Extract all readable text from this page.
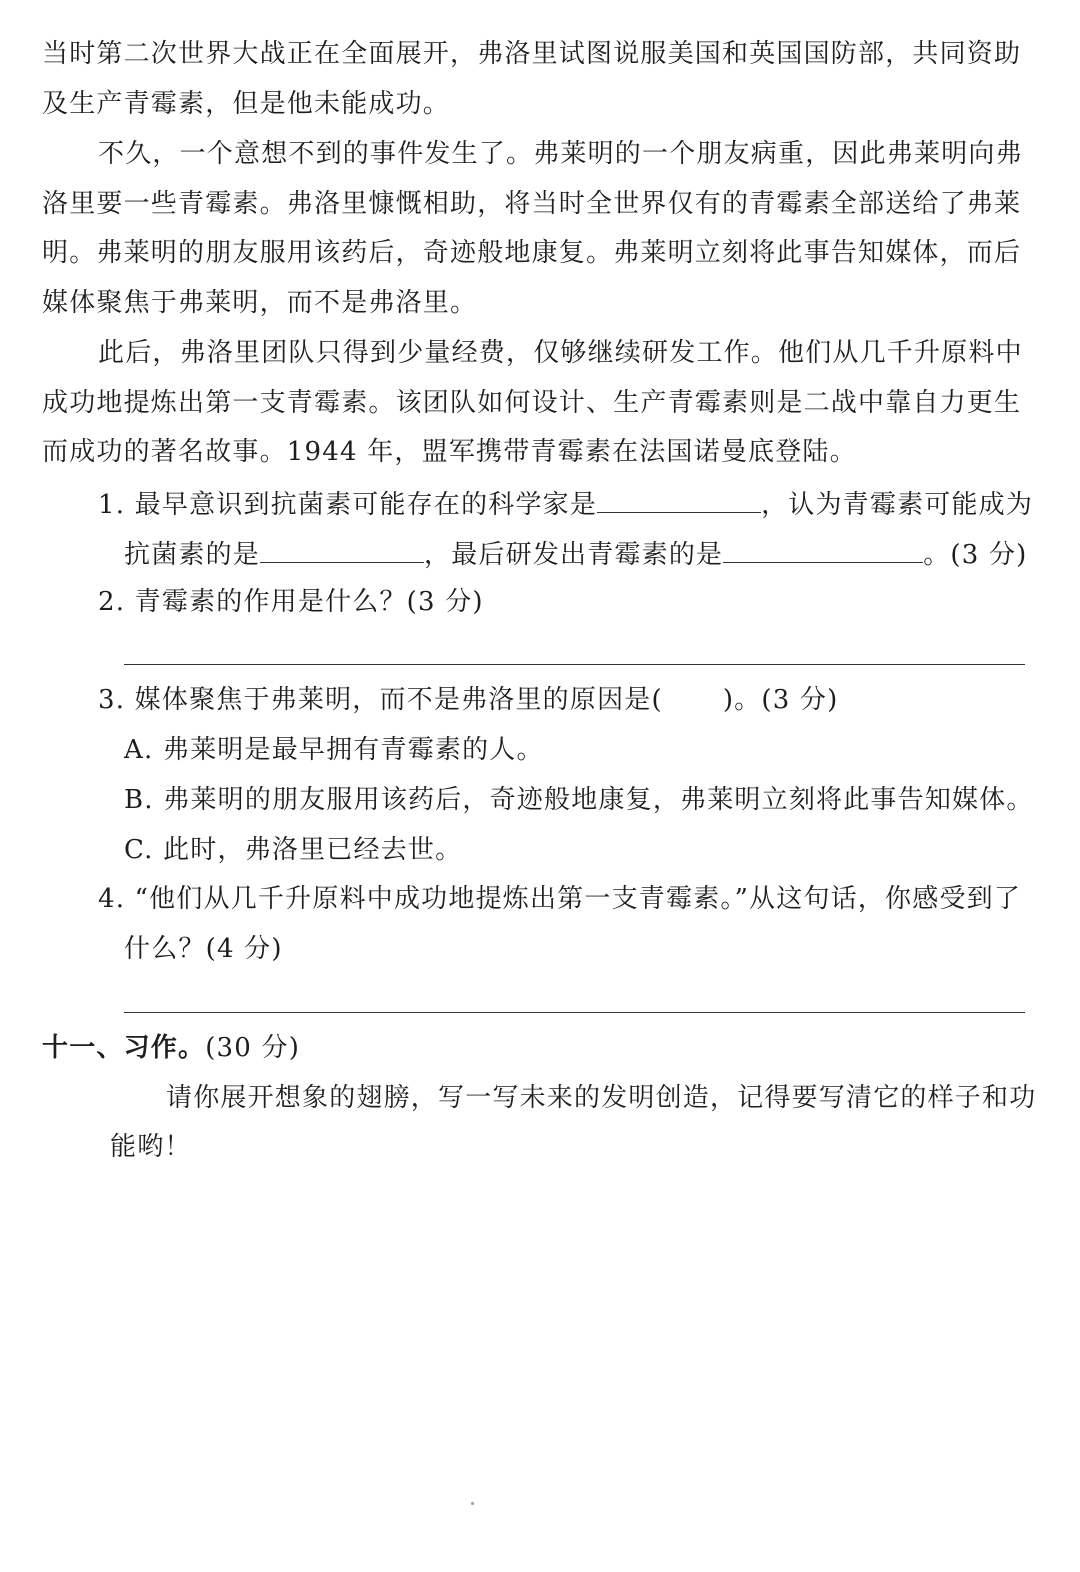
当时第二次世界大战正在全面展开，弗洛里试图说服美国和英国国防部，共同资助
及生产青霉素，但是他未能成功。
不久，一个意想不到的事件发生了。弗莱明的一个朋友病重，因此弗莱明向弗
洛里要一些青霉素。弗洛里慷慨相助，将当时全世界仅有的青霉素全部送给了弗莱
明。弗莱明的朋友服用该药后，奇迹般地康复。弗莱明立刻将此事告知媒体，而后
媒体聚焦于弗莱明，而不是弗洛里。
此后，弗洛里团队只得到少量经费，仅够继续研发工作。他们从几千升原料中
成功地提炼出第一支青霉素。该团队如何设计、生产青霉素则是二战中靠自力更生
而成功的著名故事。1944 年，盟军携带青霉素在法国诺曼底登陆。
1. 最早意识到抗菌素可能存在的科学家是	，认为青霉素可能成为
抗菌素的是	，最后研发出青霉素的是	。(3 分)
2. 青霉素的作用是什么？(3 分)
3. 媒体聚焦于弗莱明，而不是弗洛里的原因是( )。(3 分)
A. 弗莱明是最早拥有青霉素的人。
B. 弗莱明的朋友服用该药后，奇迹般地康复，弗莱明立刻将此事告知媒体。
C. 此时，弗洛里已经去世。
4. “他们从几千升原料中成功地提炼出第一支青霉素。”从这句话，你感受到了
什么？(4 分)
十一、习作。(30 分)
请你展开想象的翅膀，写一写未来的发明创造，记得要写清它的样子和功
能哟！
